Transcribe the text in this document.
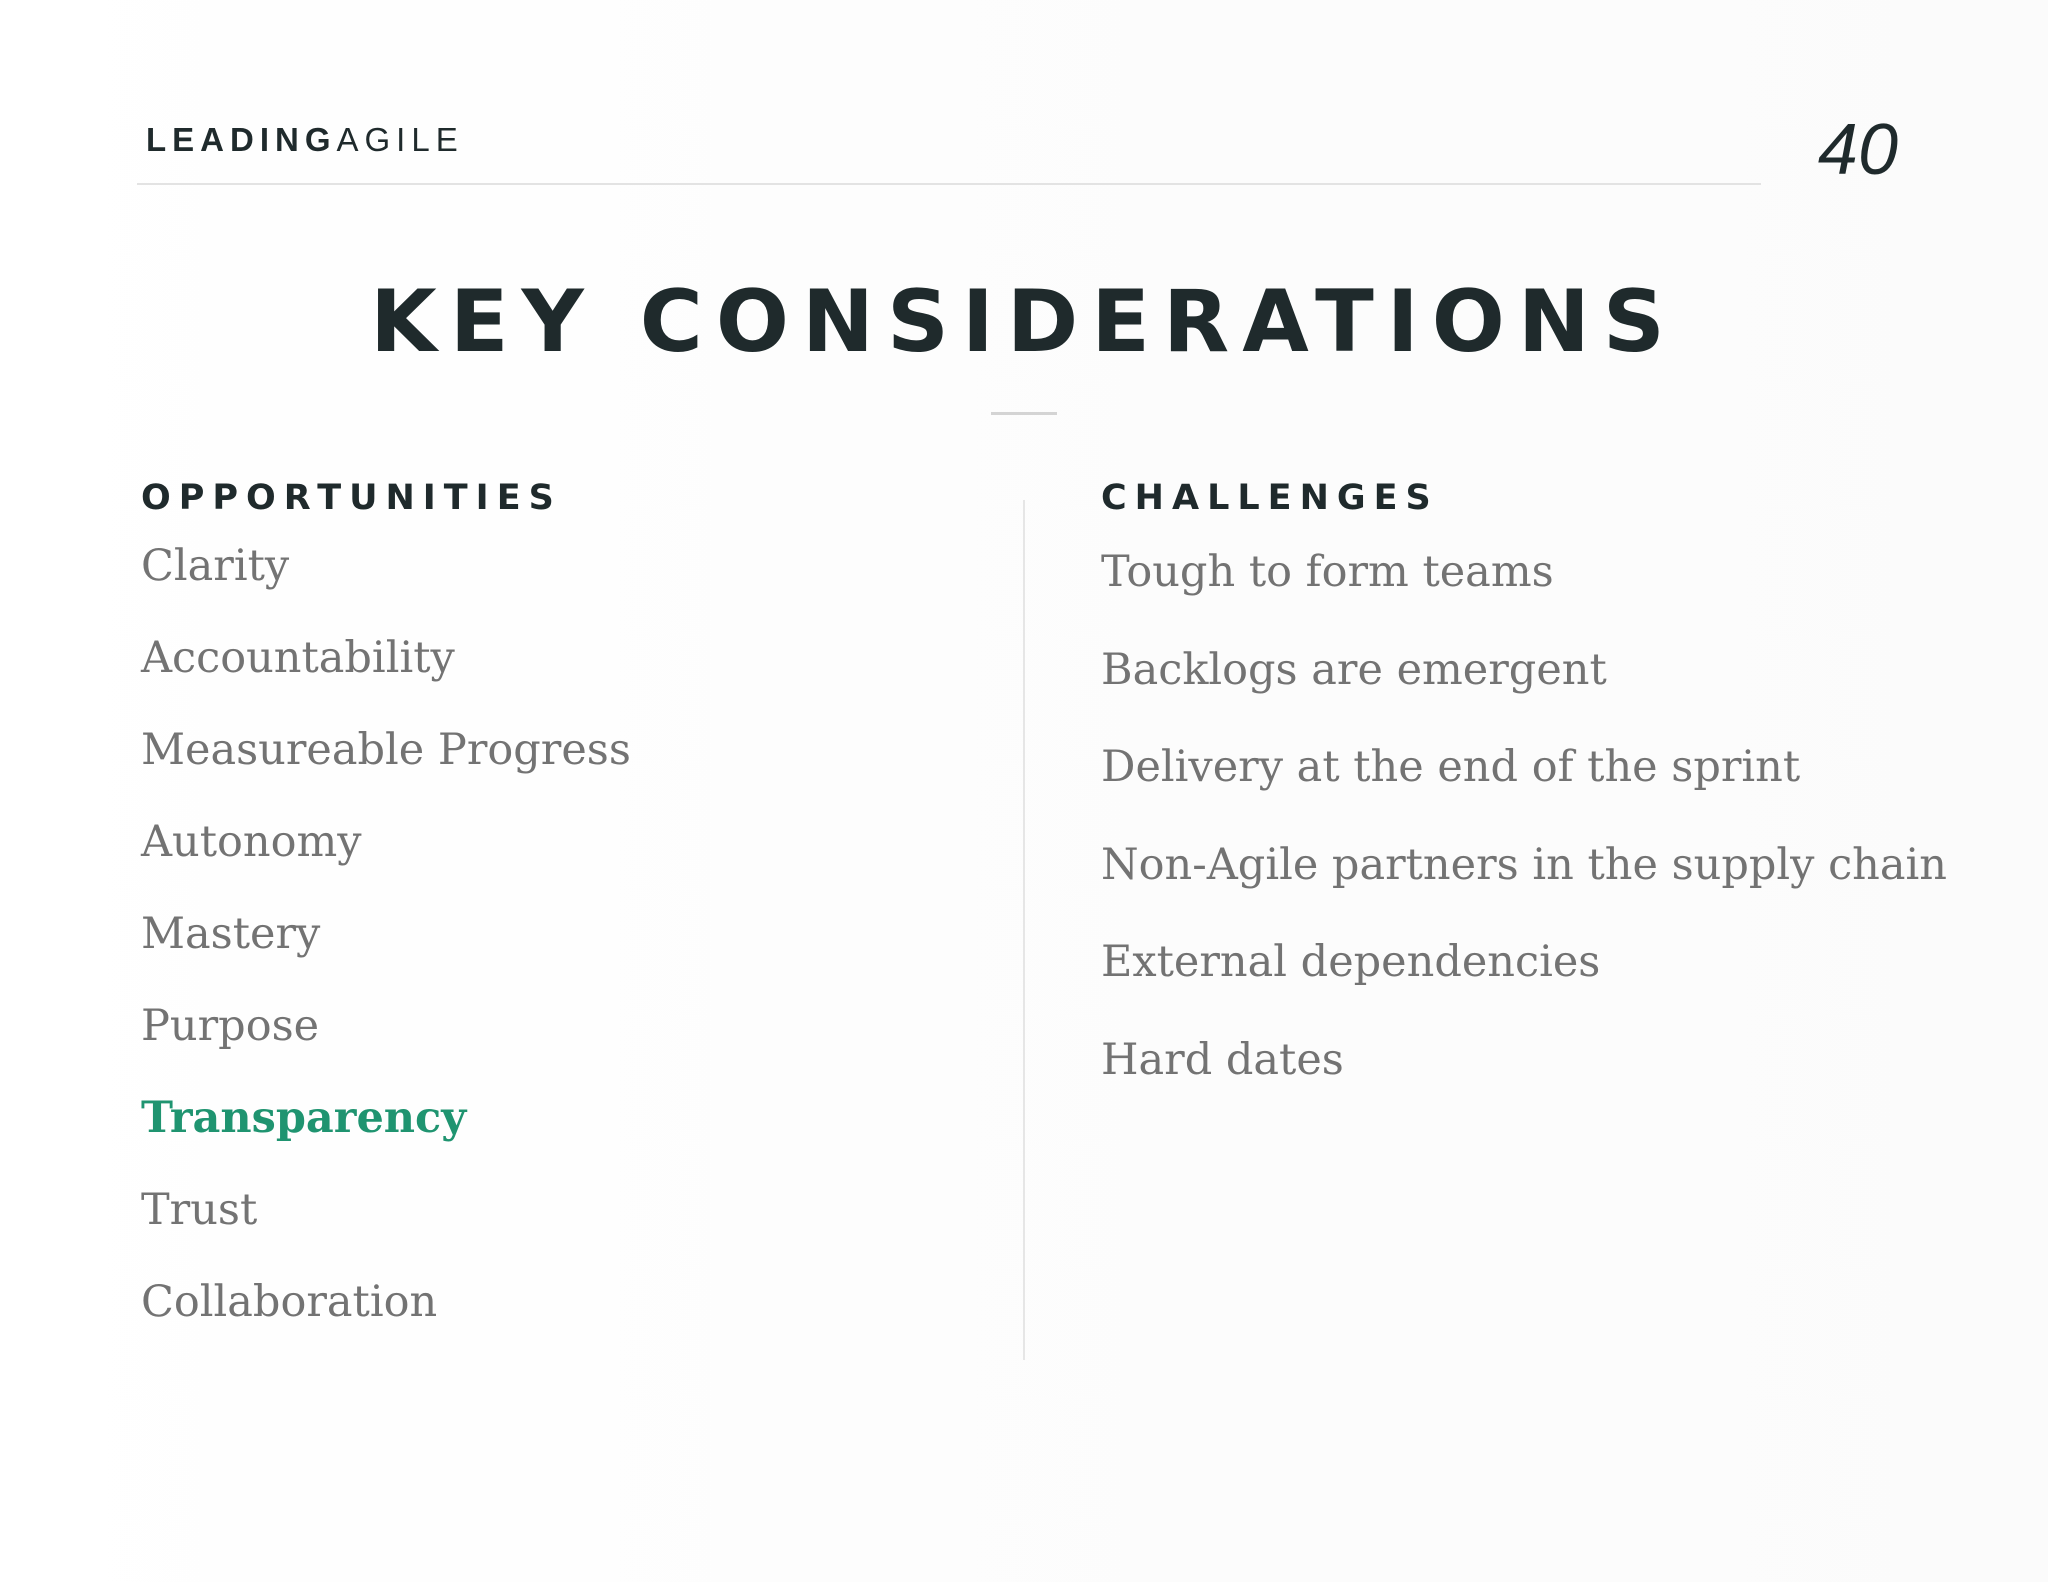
LEADINGAGILE	40
KEY CONSIDERATIONS
OPPORTUNITIES
Clarity
Accountability
Measureable Progress
Autonomy
Mastery
Purpose
Transparency
Trust
Collaboration
CHALLENGES
Tough to form teams
Backlogs are emergent
Delivery at the end of the sprint
Non-Agile partners in the supply chain
External dependencies
Hard dates
